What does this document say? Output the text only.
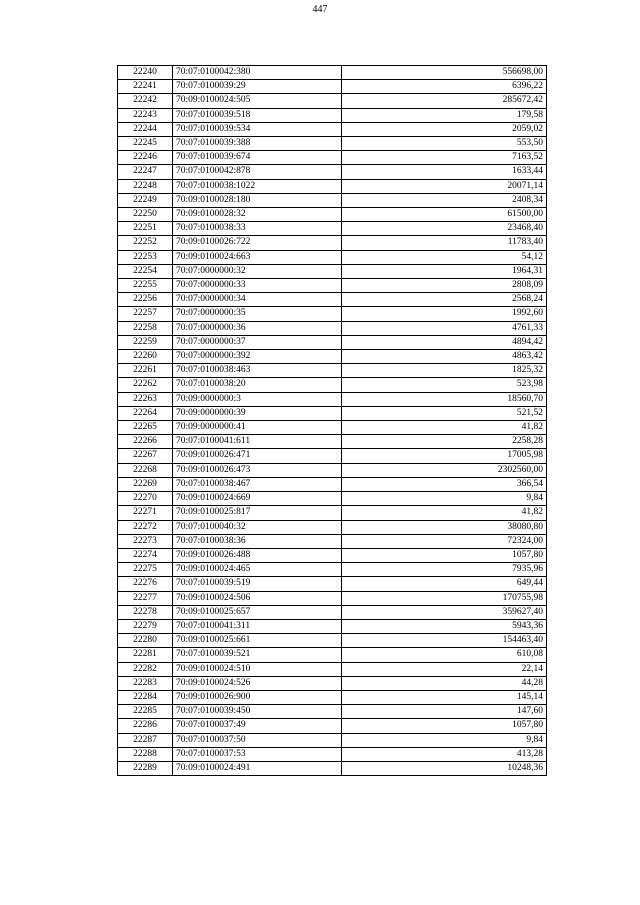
447
22240	70:07:0100042:380	556698,00
22241	70:07:0100039:29	6396,22
22242	70:09:0100024:505	285672,42
22243	70:07:0100039:518	179,58
22244	70:07:0100039:534	2059,02
22245	70:07:0100039:388	553,50
22246	70:07:0100039:674	7163,52
22247	70:07:0100042:878	1633,44
22248	70:07:0100038:1022	20071,14
22249	70:09:0100028:180	2408,34
22250	70:09:0100028:32	61500,00
22251	70:07:0100038:33	23468,40
22252	70:09:0100026:722	11783,40
22253	70:09:0100024:663	54,12
22254	70:07:0000000:32	1964,31
22255	70:07:0000000:33	2808,09
22256	70:07:0000000:34	2568,24
22257	70:07:0000000:35	1992,60
22258	70:07:0000000:36	4761,33
22259	70:07:0000000:37	4894,42
22260	70:07:0000000:392	4863,42
22261	70:07:0100038:463	1825,32
22262	70:07:0100038:20	523,98
22263	70:09:0000000:3	18560,70
22264	70:09:0000000:39	521,52
22265	70:09:0000000:41	41,82
22266	70:07:0100041:611	2258,28
22267	70:09:0100026:471	17005,98
22268	70:09:0100026:473	2302560,00
22269	70:07:0100038:467	366,54
22270	70:09:0100024:669	9,84
22271	70:09:0100025:817	41,82
22272	70:07:0100040:32	38080,80
22273	70:07:0100038:36	72324,00
22274	70:09:0100026:488	1057,80
22275	70:09:0100024:465	7935,96
22276	70:07:0100039:519	649,44
22277	70:09:0100024:506	170755,98
22278	70:09:0100025:657	359627,40
22279	70:07:0100041:311	5943,36
22280	70:09:0100025:661	154463,40
22281	70:07:0100039:521	610,08
22282	70:09:0100024:510	22,14
22283	70:09:0100024:526	44,28
22284	70:09:0100026:900	145,14
22285	70:07:0100039:450	147,60
22286	70:07:0100037:49	1057,80
22287	70:07:0100037:50	9,84
22288	70:07:0100037:53	413,28
22289	70:09:0100024:491	10248,36
